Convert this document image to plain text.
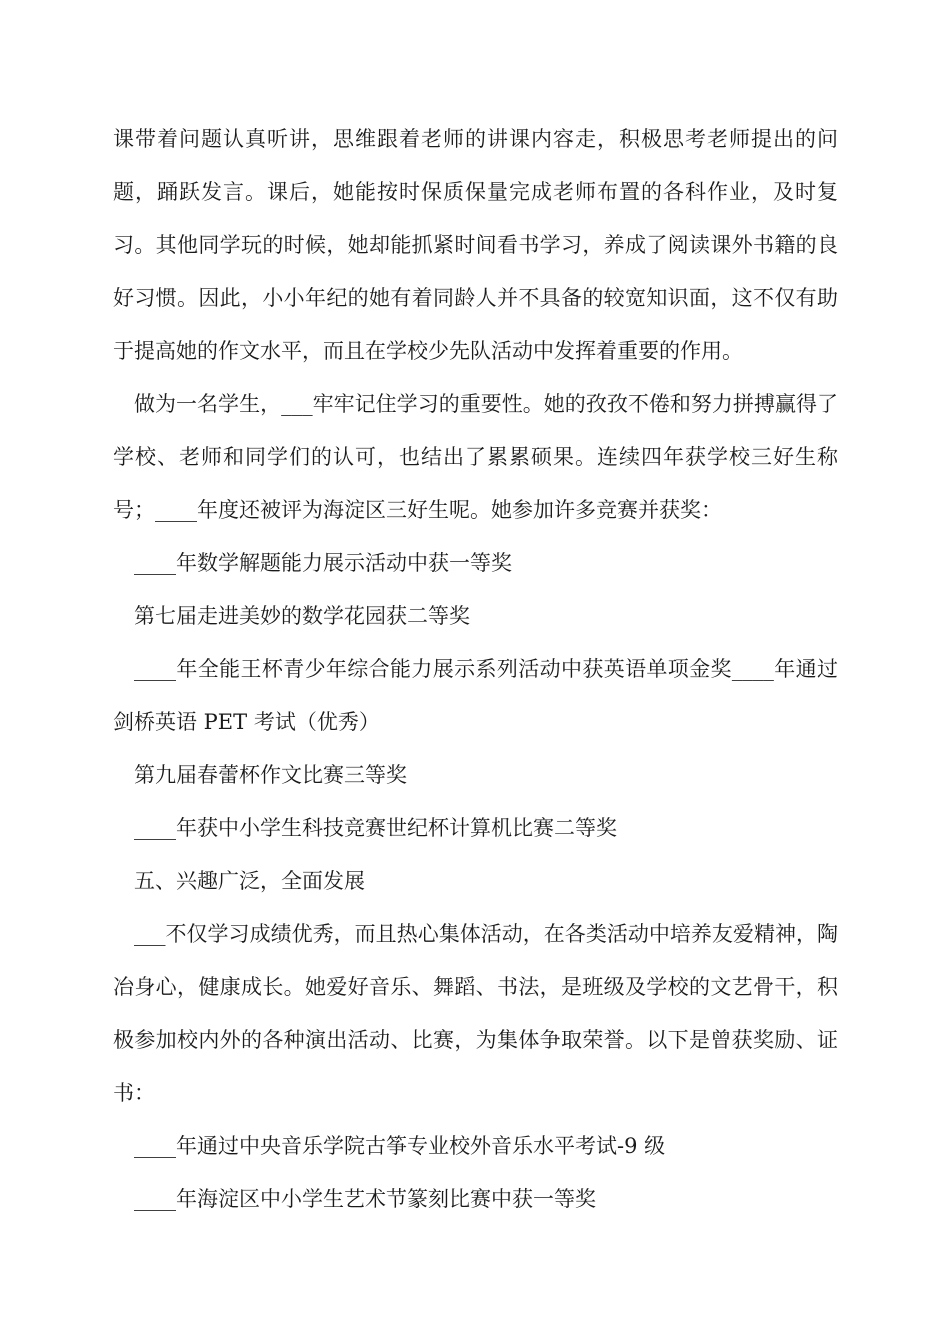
课带着问题认真听讲，思维跟着老师的讲课内容走，积极思考老师提出的问题，踊跃发言。课后，她能按时保质保量完成老师布置的各科作业，及时复习。其他同学玩的时候，她却能抓紧时间看书学习，养成了阅读课外书籍的良好习惯。因此，小小年纪的她有着同龄人并不具备的较宽知识面，这不仅有助于提高她的作文水平，而且在学校少先队活动中发挥着重要的作用。

做为一名学生，___牢牢记住学习的重要性。她的孜孜不倦和努力拼搏赢得了学校、老师和同学们的认可，也结出了累累硕果。连续四年获学校三好生称号；____年度还被评为海淀区三好生呢。她参加许多竞赛并获奖：

____年数学解题能力展示活动中获一等奖

第七届走进美妙的数学花园获二等奖

____年全能王杯青少年综合能力展示系列活动中获英语单项金奖____年通过剑桥英语 PET 考试（优秀）

第九届春蕾杯作文比赛三等奖

____年获中小学生科技竞赛世纪杯计算机比赛二等奖

五、兴趣广泛，全面发展

___不仅学习成绩优秀，而且热心集体活动，在各类活动中培养友爱精神，陶冶身心，健康成长。她爱好音乐、舞蹈、书法，是班级及学校的文艺骨干，积极参加校内外的各种演出活动、比赛，为集体争取荣誉。以下是曾获奖励、证书：

____年通过中央音乐学院古筝专业校外音乐水平考试-9 级

____年海淀区中小学生艺术节篆刻比赛中获一等奖
